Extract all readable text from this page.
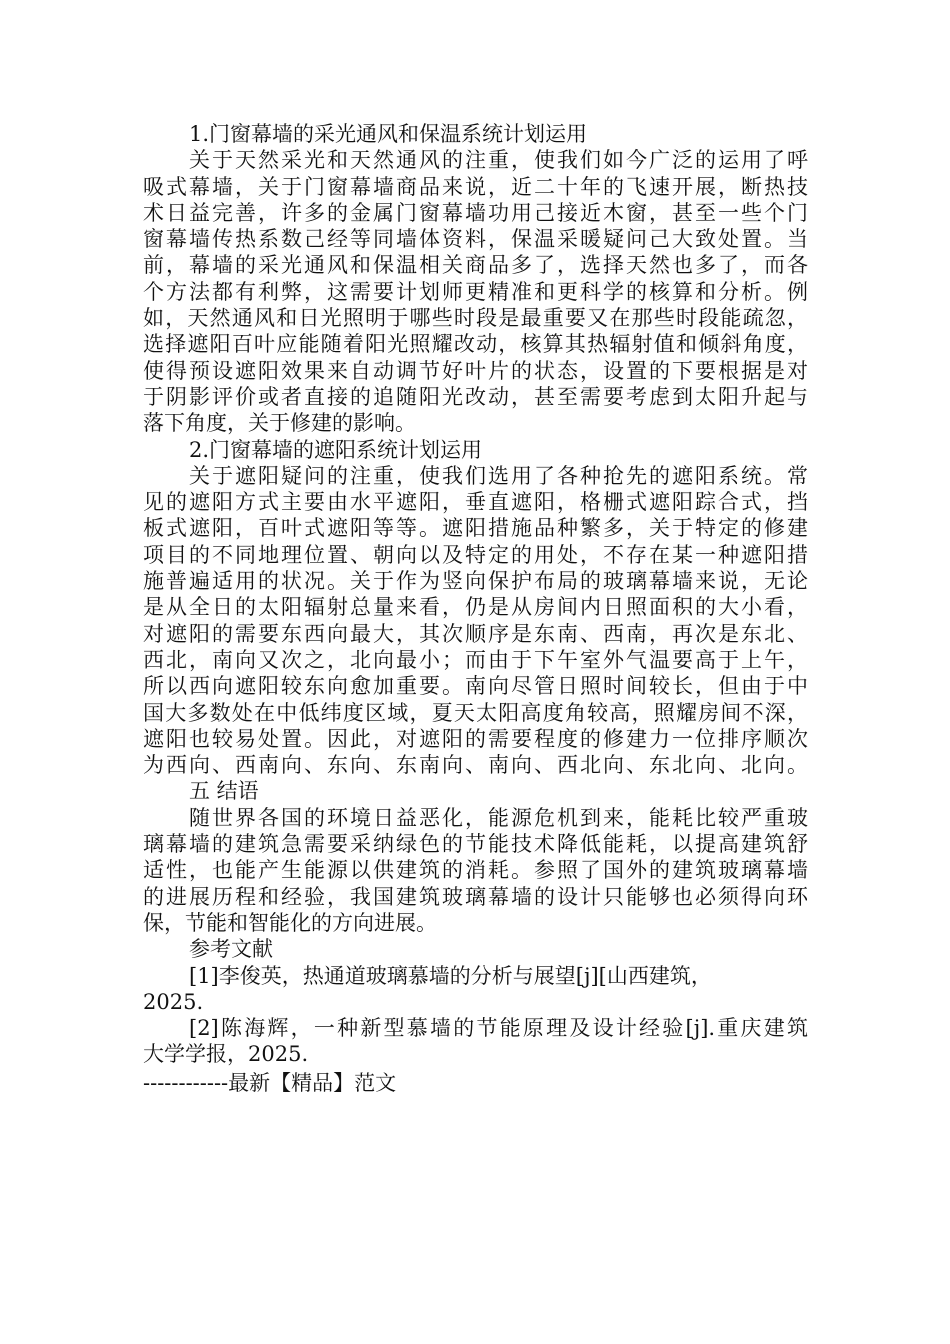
1.门窗幕墙的采光通风和保温系统计划运用
关于天然采光和天然通风的注重，使我们如今广泛的运用了呼
吸式幕墙，关于门窗幕墙商品来说，近二十年的飞速开展，断热技
术日益完善，许多的金属门窗幕墙功用己接近木窗，甚至一些个门
窗幕墙传热系数己经等同墙体资料，保温采暖疑问己大致处置。当
前，幕墙的采光通风和保温相关商品多了，选择天然也多了，而各
个方法都有利弊，这需要计划师更精准和更科学的核算和分析。例
如，天然通风和日光照明于哪些时段是最重要又在那些时段能疏忽，
选择遮阳百叶应能随着阳光照耀改动，核算其热辐射值和倾斜角度，
使得预设遮阳效果来自动调节好叶片的状态，设置的下要根据是对
于阴影评价或者直接的追随阳光改动，甚至需要考虑到太阳升起与
落下角度，关于修建的影响。
2.门窗幕墙的遮阳系统计划运用
关于遮阳疑问的注重，使我们选用了各种抢先的遮阳系统。常
见的遮阳方式主要由水平遮阳，垂直遮阳，格栅式遮阳踪合式，挡
板式遮阳，百叶式遮阳等等。遮阳措施品种繁多，关于特定的修建
项目的不同地理位置、朝向以及特定的用处，不存在某一种遮阳措
施普遍适用的状况。关于作为竖向保护布局的玻璃幕墙来说，无论
是从全日的太阳辐射总量来看，仍是从房间内日照面积的大小看，
对遮阳的需要东西向最大，其次顺序是东南、西南，再次是东北、
西北，南向又次之，北向最小；而由于下午室外气温要高于上午，
所以西向遮阳较东向愈加重要。南向尽管日照时间较长，但由于中
国大多数处在中低纬度区域，夏天太阳高度角较高，照耀房间不深，
遮阳也较易处置。因此，对遮阳的需要程度的修建力一位排序顺次
为西向、西南向、东向、东南向、南向、西北向、东北向、北向。
五 结语
随世界各国的环境日益恶化，能源危机到来，能耗比较严重玻
璃幕墙的建筑急需要采纳绿色的节能技术降低能耗，以提高建筑舒
适性，也能产生能源以供建筑的消耗。参照了国外的建筑玻璃幕墙
的进展历程和经验，我国建筑玻璃幕墙的设计只能够也必须得向环
保，节能和智能化的方向进展。
参考文献
[1]李俊英，热通道玻璃慕墙的分析与展望[j][山西建筑，
2025.
[2]陈海辉，一种新型慕墙的节能原理及设计经验[j].重庆建筑
大学学报，2025.
------------最新【精品】范文
